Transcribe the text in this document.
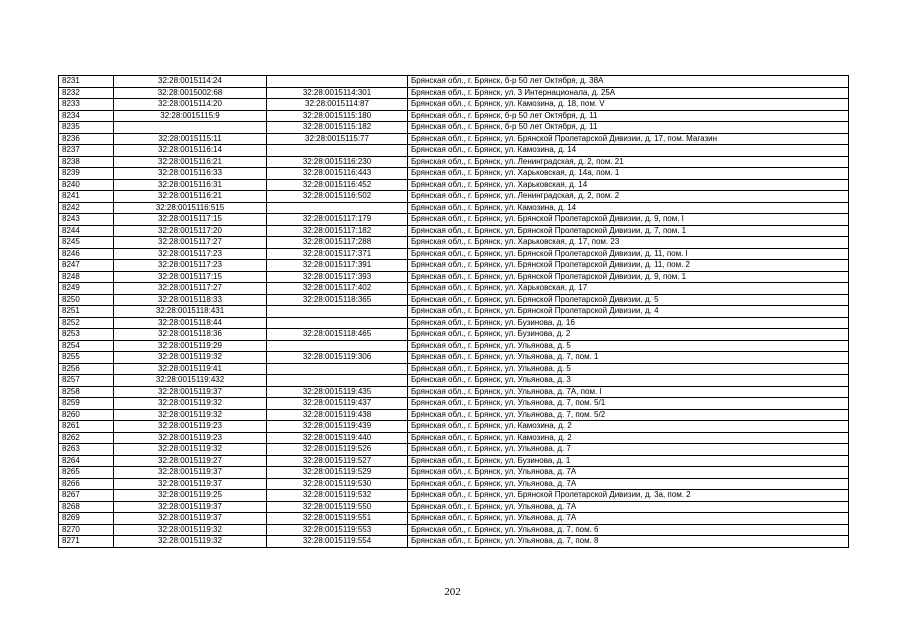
8231	32:28:0015114:24		Брянская обл., г. Брянск, б-р 50 лет Октября, д. 38А
8232	32:28:0015002:68	32:28:0015114:301	Брянская обл., г. Брянск, ул. 3 Интернационала, д. 25А
8233	32:28:0015114:20	32:28:0015114:87	Брянская обл., г. Брянск, ул. Камозина, д. 18, пом. V
8234	32:28:0015115:9	32:28:0015115:180	Брянская обл., г. Брянск, б-р 50 лет Октября, д. 11
8235		32:28:0015115:182	Брянская обл., г. Брянск, б-р 50 лет Октября, д. 11
8236	32:28:0015115:11	32:28:0015115:77	Брянская обл., г. Брянск, ул. Брянской Пролетарской Дивизии, д. 17, пом. Магазин
8237	32:28:0015116:14		Брянская обл., г. Брянск, ул. Камозина, д. 14
8238	32:28:0015116:21	32:28:0015116:230	Брянская обл., г. Брянск, ул. Ленинградская, д. 2, пом. 21
8239	32:28:0015116:33	32:28:0015116:443	Брянская обл., г. Брянск, ул. Харьковская, д. 14а, пом. 1
8240	32:28:0015116:31	32:28:0015116:452	Брянская обл., г. Брянск, ул. Харьковская, д. 14
8241	32:28:0015116:21	32:28:0015116:502	Брянская обл., г. Брянск, ул. Ленинградская, д. 2, пом. 2
8242	32:28:0015116:515		Брянская обл., г. Брянск, ул. Камозина, д. 14
8243	32:28:0015117:15	32:28:0015117:179	Брянская обл., г. Брянск, ул. Брянской Пролетарской Дивизии, д. 9, пом. I
8244	32:28:0015117:20	32:28:0015117:182	Брянская обл., г. Брянск, ул. Брянской Пролетарской Дивизии, д. 7, пом. 1
8245	32:28:0015117:27	32:28:0015117:288	Брянская обл., г. Брянск, ул. Харьковская, д. 17, пом. 23
8246	32:28:0015117:23	32:28:0015117:371	Брянская обл., г. Брянск, ул. Брянской Пролетарской Дивизии, д. 11, пом. I
8247	32:28:0015117:23	32:28:0015117:391	Брянская обл., г. Брянск, ул. Брянской Пролетарской Дивизии, д. 11, пом. 2
8248	32:28:0015117:15	32:28:0015117:393	Брянская обл., г. Брянск, ул. Брянской Пролетарской Дивизии, д. 9, пом. 1
8249	32:28:0015117:27	32:28:0015117:402	Брянская обл., г. Брянск, ул. Харьковская, д. 17
8250	32:28:0015118:33	32:28:0015118:365	Брянская обл., г. Брянск, ул. Брянской Пролетарской Дивизии, д. 5
8251	32:28:0015118:431		Брянская обл., г. Брянск, ул. Брянской Пролетарской Дивизии, д. 4
8252	32:28:0015118:44		Брянская обл., г. Брянск, ул. Бузинова, д. 16
8253	32:28:0015118:36	32:28:0015118:465	Брянская обл., г. Брянск, ул. Бузинова, д. 2
8254	32:28:0015119:29		Брянская обл., г. Брянск, ул. Ульянова, д. 5
8255	32:28:0015119:32	32:28:0015119:306	Брянская обл., г. Брянск, ул. Ульянова, д. 7, пом. 1
8256	32:28:0015119:41		Брянская обл., г. Брянск, ул. Ульянова, д. 5
8257	32:28:0015119:432		Брянская обл., г. Брянск, ул. Ульянова, д. 3
8258	32:28:0015119:37	32:28:0015119:435	Брянская обл., г. Брянск, ул. Ульянова, д. 7А, пом. I
8259	32:28:0015119:32	32:28:0015119:437	Брянская обл., г. Брянск, ул. Ульянова, д. 7, пом. 5/1
8260	32:28:0015119:32	32:28:0015119:438	Брянская обл., г. Брянск, ул. Ульянова, д. 7, пом. 5/2
8261	32:28:0015119:23	32:28:0015119:439	Брянская обл., г. Брянск, ул. Камозина, д. 2
8262	32:28:0015119:23	32:28:0015119:440	Брянская обл., г. Брянск, ул. Камозина, д. 2
8263	32:28:0015119:32	32:28:0015119:526	Брянская обл., г. Брянск, ул. Ульянова, д. 7
8264	32:28:0015119:27	32:28:0015119:527	Брянская обл., г. Брянск, ул. Бузинова, д. 1
8265	32:28:0015119:37	32:28:0015119:529	Брянская обл., г. Брянск, ул. Ульянова, д. 7А
8266	32:28:0015119:37	32:28:0015119:530	Брянская обл., г. Брянск, ул. Ульянова, д. 7А
8267	32:28:0015119:25	32:28:0015119:532	Брянская обл., г. Брянск, ул. Брянской Пролетарской Дивизии, д. 3а, пом. 2
8268	32:28:0015119:37	32:28:0015119:550	Брянская обл., г. Брянск, ул. Ульянова, д. 7А
8269	32:28:0015119:37	32:28:0015119:551	Брянская обл., г. Брянск, ул. Ульянова, д. 7А
8270	32:28:0015119:32	32:28:0015119:553	Брянская обл., г. Брянск, ул. Ульянова, д. 7, пом. 6
8271	32:28:0015119:32	32:28:0015119:554	Брянская обл., г. Брянск, ул. Ульянова, д. 7, пом. 8
202
